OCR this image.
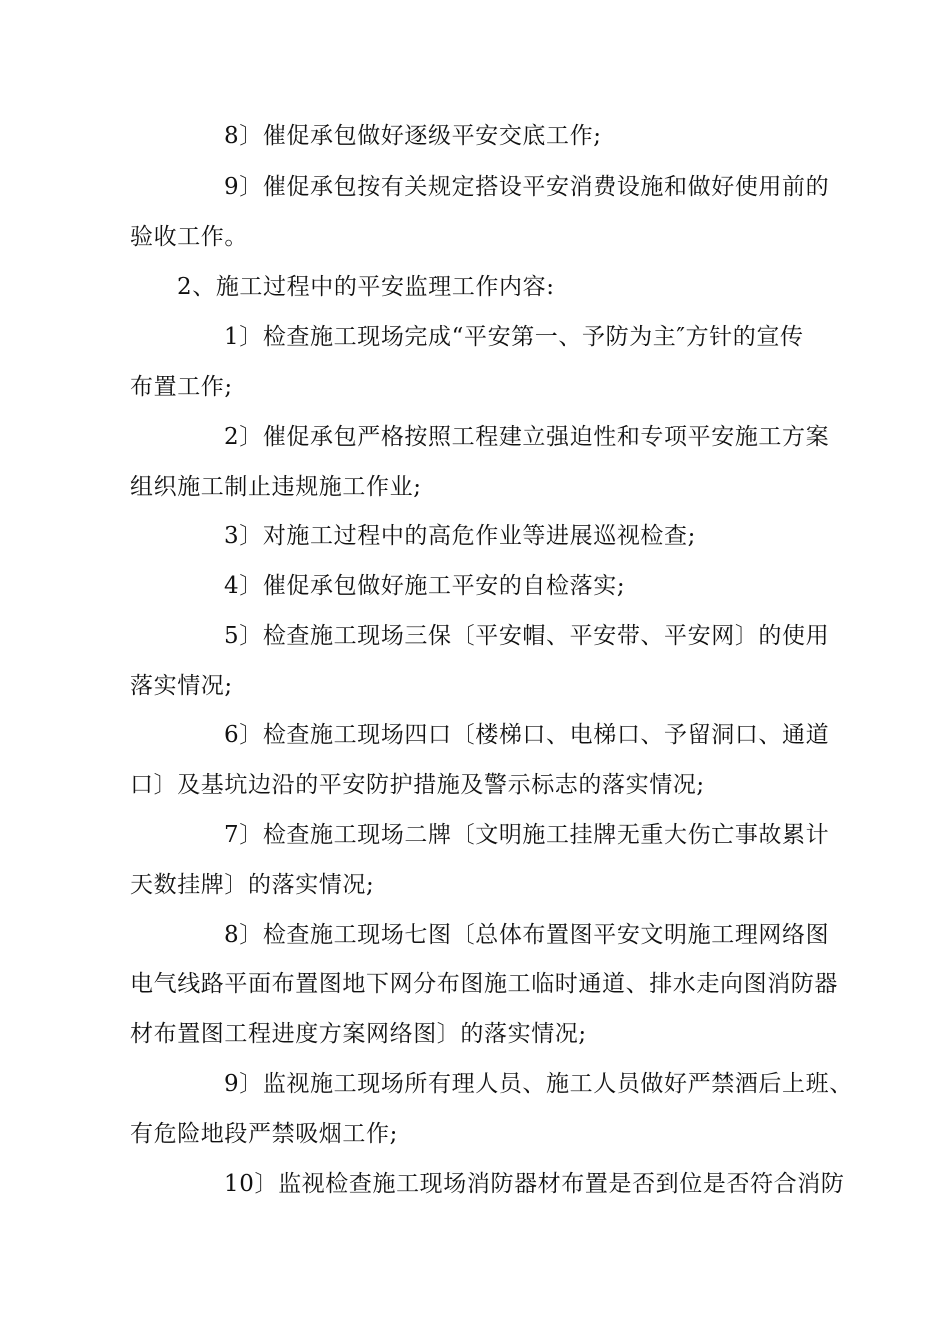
8〕催促承包做好逐级平安交底工作;
9〕催促承包按有关规定搭设平安消费设施和做好使用前的
验收工作。
2、施工过程中的平安监理工作内容:
1〕检查施工现场完成“平安第一、予防为主″方针的宣传
布置工作;
2〕催促承包严格按照工程建立强迫性和专项平安施工方案
组织施工制止违规施工作业;
3〕对施工过程中的高危作业等进展巡视检查;
4〕催促承包做好施工平安的自检落实;
5〕检查施工现场三保〔平安帽、平安带、平安网〕的使用
落实情况;
6〕检查施工现场四口〔楼梯口、电梯口、予留洞口、通道
口〕及基坑边沿的平安防护措施及警示标志的落实情况;
7〕检查施工现场二牌〔文明施工挂牌无重大伤亡事故累计
天数挂牌〕的落实情况;
8〕检查施工现场七图〔总体布置图平安文明施工理网络图
电气线路平面布置图地下网分布图施工临时通道、排水走向图消防器
材布置图工程进度方案网络图〕的落实情况;
9〕监视施工现场所有理人员、施工人员做好严禁酒后上班、
有危险地段严禁吸烟工作;
10〕监视检查施工现场消防器材布置是否到位是否符合消防
